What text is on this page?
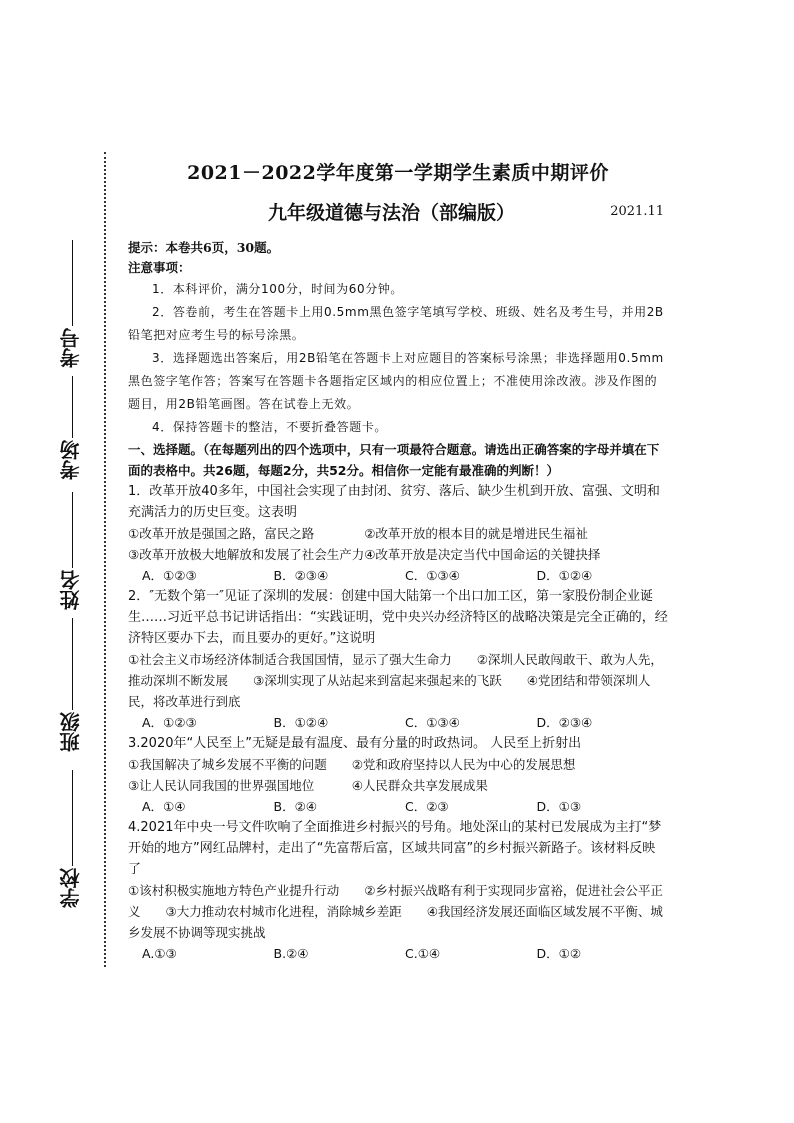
考号
考场
姓名
班级
学校
2021－2022学年度第一学期学生素质中期评价
九年级道德与法治（部编版）	2021.11
提示：本卷共6页，30题。
注意事项：
1．本科评价，满分100分，时间为60分钟。
2．答卷前，考生在答题卡上用0.5mm黑色签字笔填写学校、班级、姓名及考生号，并用2B铅笔把对应考生号的标号涂黑。
3．选择题选出答案后，用2B铅笔在答题卡上对应题目的答案标号涂黑；非选择题用0.5mm黑色签字笔作答；答案写在答题卡各题指定区域内的相应位置上；不准使用涂改液。涉及作图的题目，用2B铅笔画图。答在试卷上无效。
4．保持答题卡的整洁，不要折叠答题卡。
一、选择题。（在每题列出的四个选项中，只有一项最符合题意。请选出正确答案的字母并填在下面的表格中。共26题，每题2分，共52分。相信你一定能有最准确的判断！）
1．改革开放40多年，中国社会实现了由封闭、贫穷、落后、缺少生机到开放、富强、文明和充满活力的历史巨变。这表明
①改革开放是强国之路，富民之路　　　　②改革开放的根本目的就是增进民生福祉
③改革开放极大地解放和发展了社会生产力④改革开放是决定当代中国命运的关键抉择
A．①②③	B．②③④	C．①③④	D．①②④
2．″无数个第一″见证了深圳的发展：创建中国大陆第一个出口加工区，第一家股份制企业诞生……习近平总书记讲话指出：“实践证明，党中央兴办经济特区的战略决策是完全正确的，经济特区要办下去，而且要办的更好。”这说明
①社会主义市场经济体制适合我国国情，显示了强大生命力　　②深圳人民敢闯敢干、敢为人先，推动深圳不断发展　　③深圳实现了从站起来到富起来强起来的飞跃　　④党团结和带领深圳人民，将改革进行到底
A．①②③	B．①②④	C．①③④	D．②③④
3.2020年“人民至上”无疑是最有温度、最有分量的时政热词。 人民至上折射出
①我国解决了城乡发展不平衡的问题　　②党和政府坚持以人民为中心的发展思想
③让人民认同我国的世界强国地位　　　④人民群众共享发展成果
A．①④	B．②④	C．②③	D．①③
4.2021年中央一号文件吹响了全面推进乡村振兴的号角。地处深山的某村已发展成为主打“梦开始的地方”网红品牌村，走出了“先富帮后富，区域共同富”的乡村振兴新路子。该材料反映了
①该村积极实施地方特色产业提升行动　　②乡村振兴战略有利于实现同步富裕，促进社会公平正义　　③大力推动农村城市化进程，消除城乡差距　　④我国经济发展还面临区域发展不平衡、城乡发展不协调等现实挑战
A.①③	B.②④	C.①④	D．①②
